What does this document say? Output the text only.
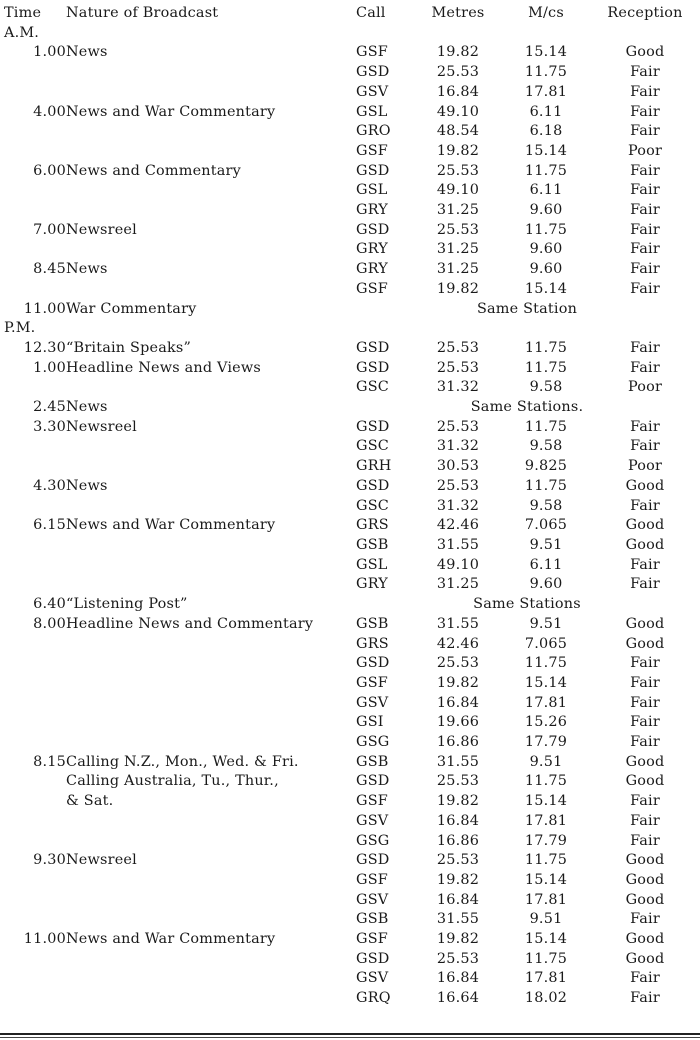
Time	Nature of Broadcast	Call	Metres	M/cs	Reception
A.M.					
1.00	News	GSF	19.82	15.14	Good
		GSD	25.53	11.75	Fair
		GSV	16.84	17.81	Fair
4.00	News and War Commentary	GSL	49.10	6.11	Fair
		GRO	48.54	6.18	Fair
		GSF	19.82	15.14	Poor
6.00	News and Commentary	GSD	25.53	11.75	Fair
		GSL	49.10	6.11	Fair
		GRY	31.25	9.60	Fair
7.00	Newsreel	GSD	25.53	11.75	Fair
		GRY	31.25	9.60	Fair
8.45	News	GRY	31.25	9.60	Fair
		GSF	19.82	15.14	Fair
11.00	War Commentary	Same Station			
P.M.					
12.30	“Britain Speaks”	GSD	25.53	11.75	Fair
1.00	Headline News and Views	GSD	25.53	11.75	Fair
		GSC	31.32	9.58	Poor
2.45	News	Same Stations.			
3.30	Newsreel	GSD	25.53	11.75	Fair
		GSC	31.32	9.58	Fair
		GRH	30.53	9.825	Poor
4.30	News	GSD	25.53	11.75	Good
		GSC	31.32	9.58	Fair
6.15	News and War Commentary	GRS	42.46	7.065	Good
		GSB	31.55	9.51	Good
		GSL	49.10	6.11	Fair
		GRY	31.25	9.60	Fair
6.40	“Listening Post”	Same Stations			
8.00	Headline News and Commentary	GSB	31.55	9.51	Good
		GRS	42.46	7.065	Good
		GSD	25.53	11.75	Fair
		GSF	19.82	15.14	Fair
		GSV	16.84	17.81	Fair
		GSI	19.66	15.26	Fair
		GSG	16.86	17.79	Fair
8.15	Calling N.Z., Mon., Wed. & Fri.	GSB	31.55	9.51	Good
	Calling Australia, Tu., Thur.,	GSD	25.53	11.75	Good
	& Sat.	GSF	19.82	15.14	Fair
		GSV	16.84	17.81	Fair
		GSG	16.86	17.79	Fair
9.30	Newsreel	GSD	25.53	11.75	Good
		GSF	19.82	15.14	Good
		GSV	16.84	17.81	Good
		GSB	31.55	9.51	Fair
11.00	News and War Commentary	GSF	19.82	15.14	Good
		GSD	25.53	11.75	Good
		GSV	16.84	17.81	Fair
		GRQ	16.64	18.02	Fair
